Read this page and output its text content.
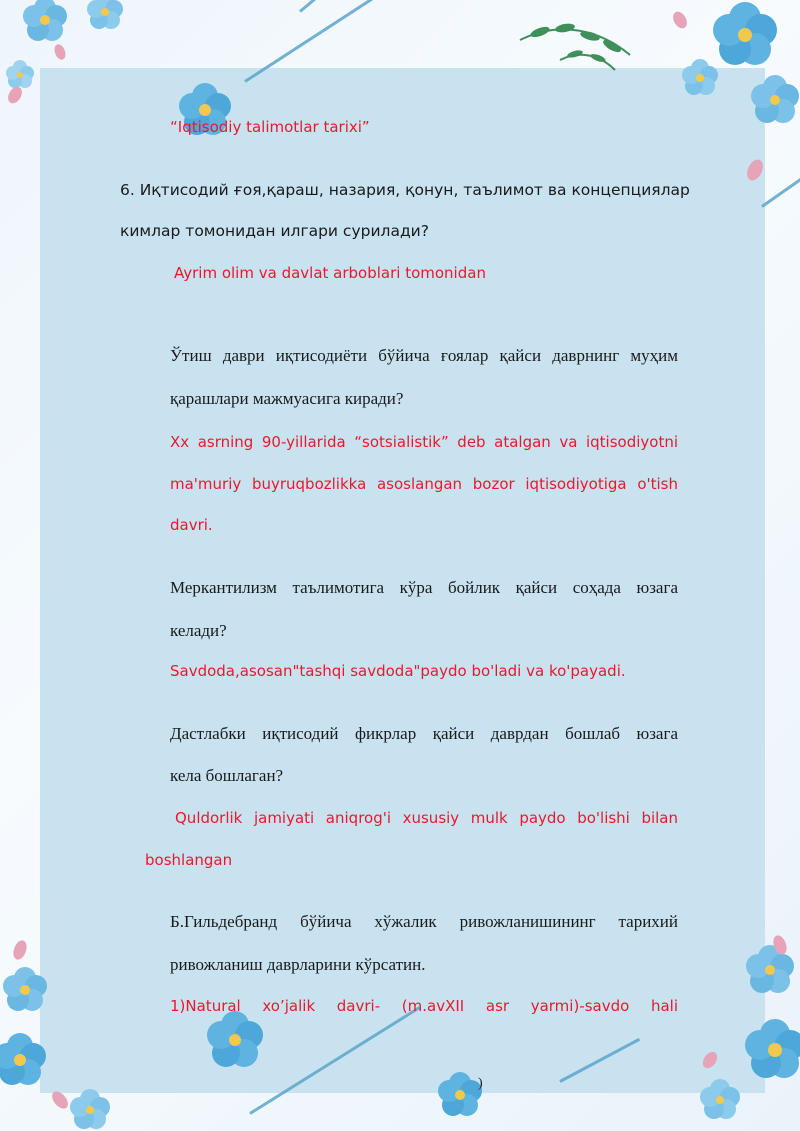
“Iqtisodiy talimotlar tarixi”
6. Иқтисодий ғоя,қараш, назария, қонун, таълимот ва концепциялар
кимлар томонидан илгари сурилади?
Ayrim olim va davlat arboblari tomonidan
Ўтиш даври иқтисодиёти бўйича ғоялар қайси даврнинг муҳим
қарашлари мажмуасига киради?
Xx asrning 90-yillarida “sotsialistik” deb atalgan va iqtisodiyotni
ma'muriy buyruqbozlikka asoslangan bozor iqtisodiyotiga o'tish
davri.
Меркантилизм таълимотига кўра бойлик қайси соҳада юзага
келади?
Savdoda,asosan"tashqi savdoda"paydo bo'ladi va ko'payadi.
Дастлабки иқтисодий фикрлар қайси даврдан бошлаб юзага
кела бошлаган?
Quldorlik jamiyati aniqrog'i xususiy mulk paydo bo'lishi bilan
boshlangan
Б.Гильдебранд бўйича хўжалик ривожланишининг тарихий
ривожланиш даврларини кўрсатин.
1)Natural xo’jalik davri- (m.avXII asr yarmi)-savdo hali
)
